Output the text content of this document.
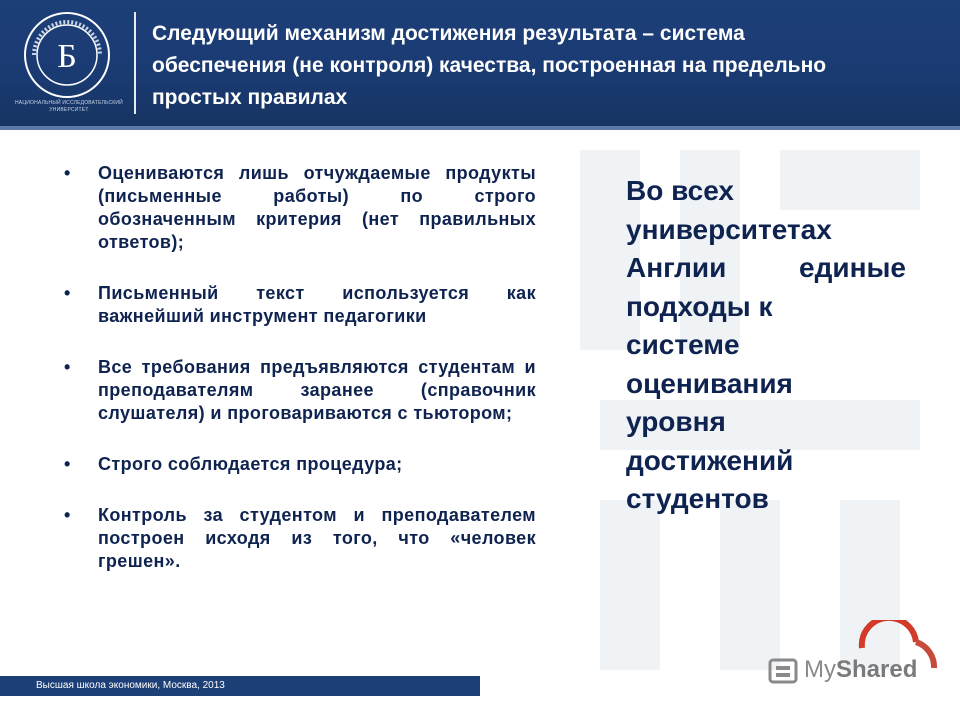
Б
НАЦИОНАЛЬНЫЙ ИССЛЕДОВАТЕЛЬСКИЙ УНИВЕРСИТЕТ
Следующий механизм достижения результата – система
обеспечения (не контроля) качества, построенная на предельно
простых правилах
• Оцениваются лишь отчуждаемые продукты (письменные работы) по строго обозначенным критерия (нет правильных ответов);
• Письменный текст используется как важнейший инструмент педагогики
• Все требования предъявляются студентам и преподавателям заранее (справочник слушателя) и проговариваются с тьютором;
• Строго соблюдается процедура;
• Контроль за студентом и преподавателем построен исходя из того, что «человек грешен».
Во всех
университетах
Англии единые
подходы к
системе
оценивания
уровня
достижений
студентов
Высшая школа экономики, Москва, 2013
MyShared
